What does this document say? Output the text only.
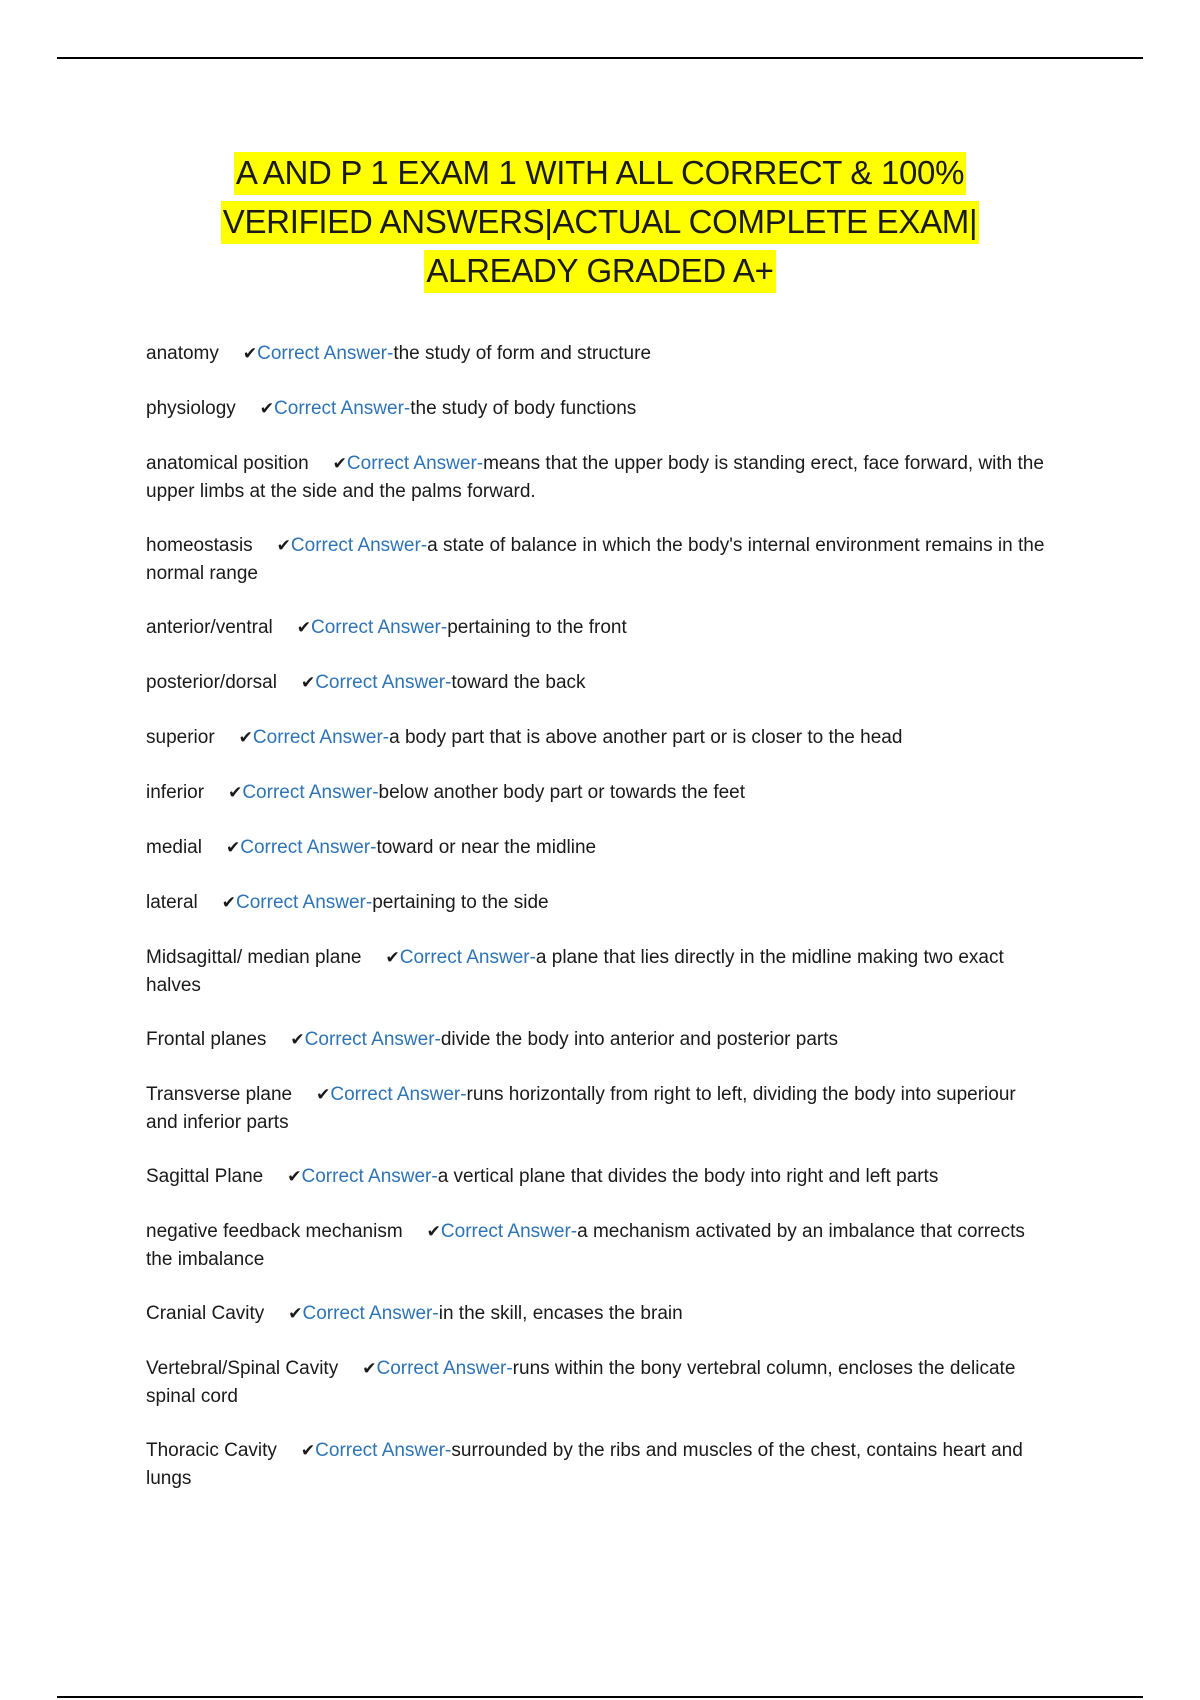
A AND P 1 EXAM 1 WITH ALL CORRECT & 100%
VERIFIED ANSWERS|ACTUAL COMPLETE EXAM|
ALREADY GRADED A+

anatomy ✔Correct Answer-the study of form and structure

physiology ✔Correct Answer-the study of body functions

anatomical position ✔Correct Answer-means that the upper body is standing erect, face forward, with the upper limbs at the side and the palms forward.

homeostasis ✔Correct Answer-a state of balance in which the body's internal environment remains in the normal range

anterior/ventral ✔Correct Answer-pertaining to the front

posterior/dorsal ✔Correct Answer-toward the back

superior ✔Correct Answer-a body part that is above another part or is closer to the head

inferior ✔Correct Answer-below another body part or towards the feet

medial ✔Correct Answer-toward or near the midline

lateral ✔Correct Answer-pertaining to the side

Midsagittal/ median plane ✔Correct Answer-a plane that lies directly in the midline making two exact halves

Frontal planes ✔Correct Answer-divide the body into anterior and posterior parts

Transverse plane ✔Correct Answer-runs horizontally from right to left, dividing the body into superiour and inferior parts

Sagittal Plane ✔Correct Answer-a vertical plane that divides the body into right and left parts

negative feedback mechanism ✔Correct Answer-a mechanism activated by an imbalance that corrects the imbalance

Cranial Cavity ✔Correct Answer-in the skill, encases the brain

Vertebral/Spinal Cavity ✔Correct Answer-runs within the bony vertebral column, encloses the delicate spinal cord

Thoracic Cavity ✔Correct Answer-surrounded by the ribs and muscles of the chest, contains heart and lungs
